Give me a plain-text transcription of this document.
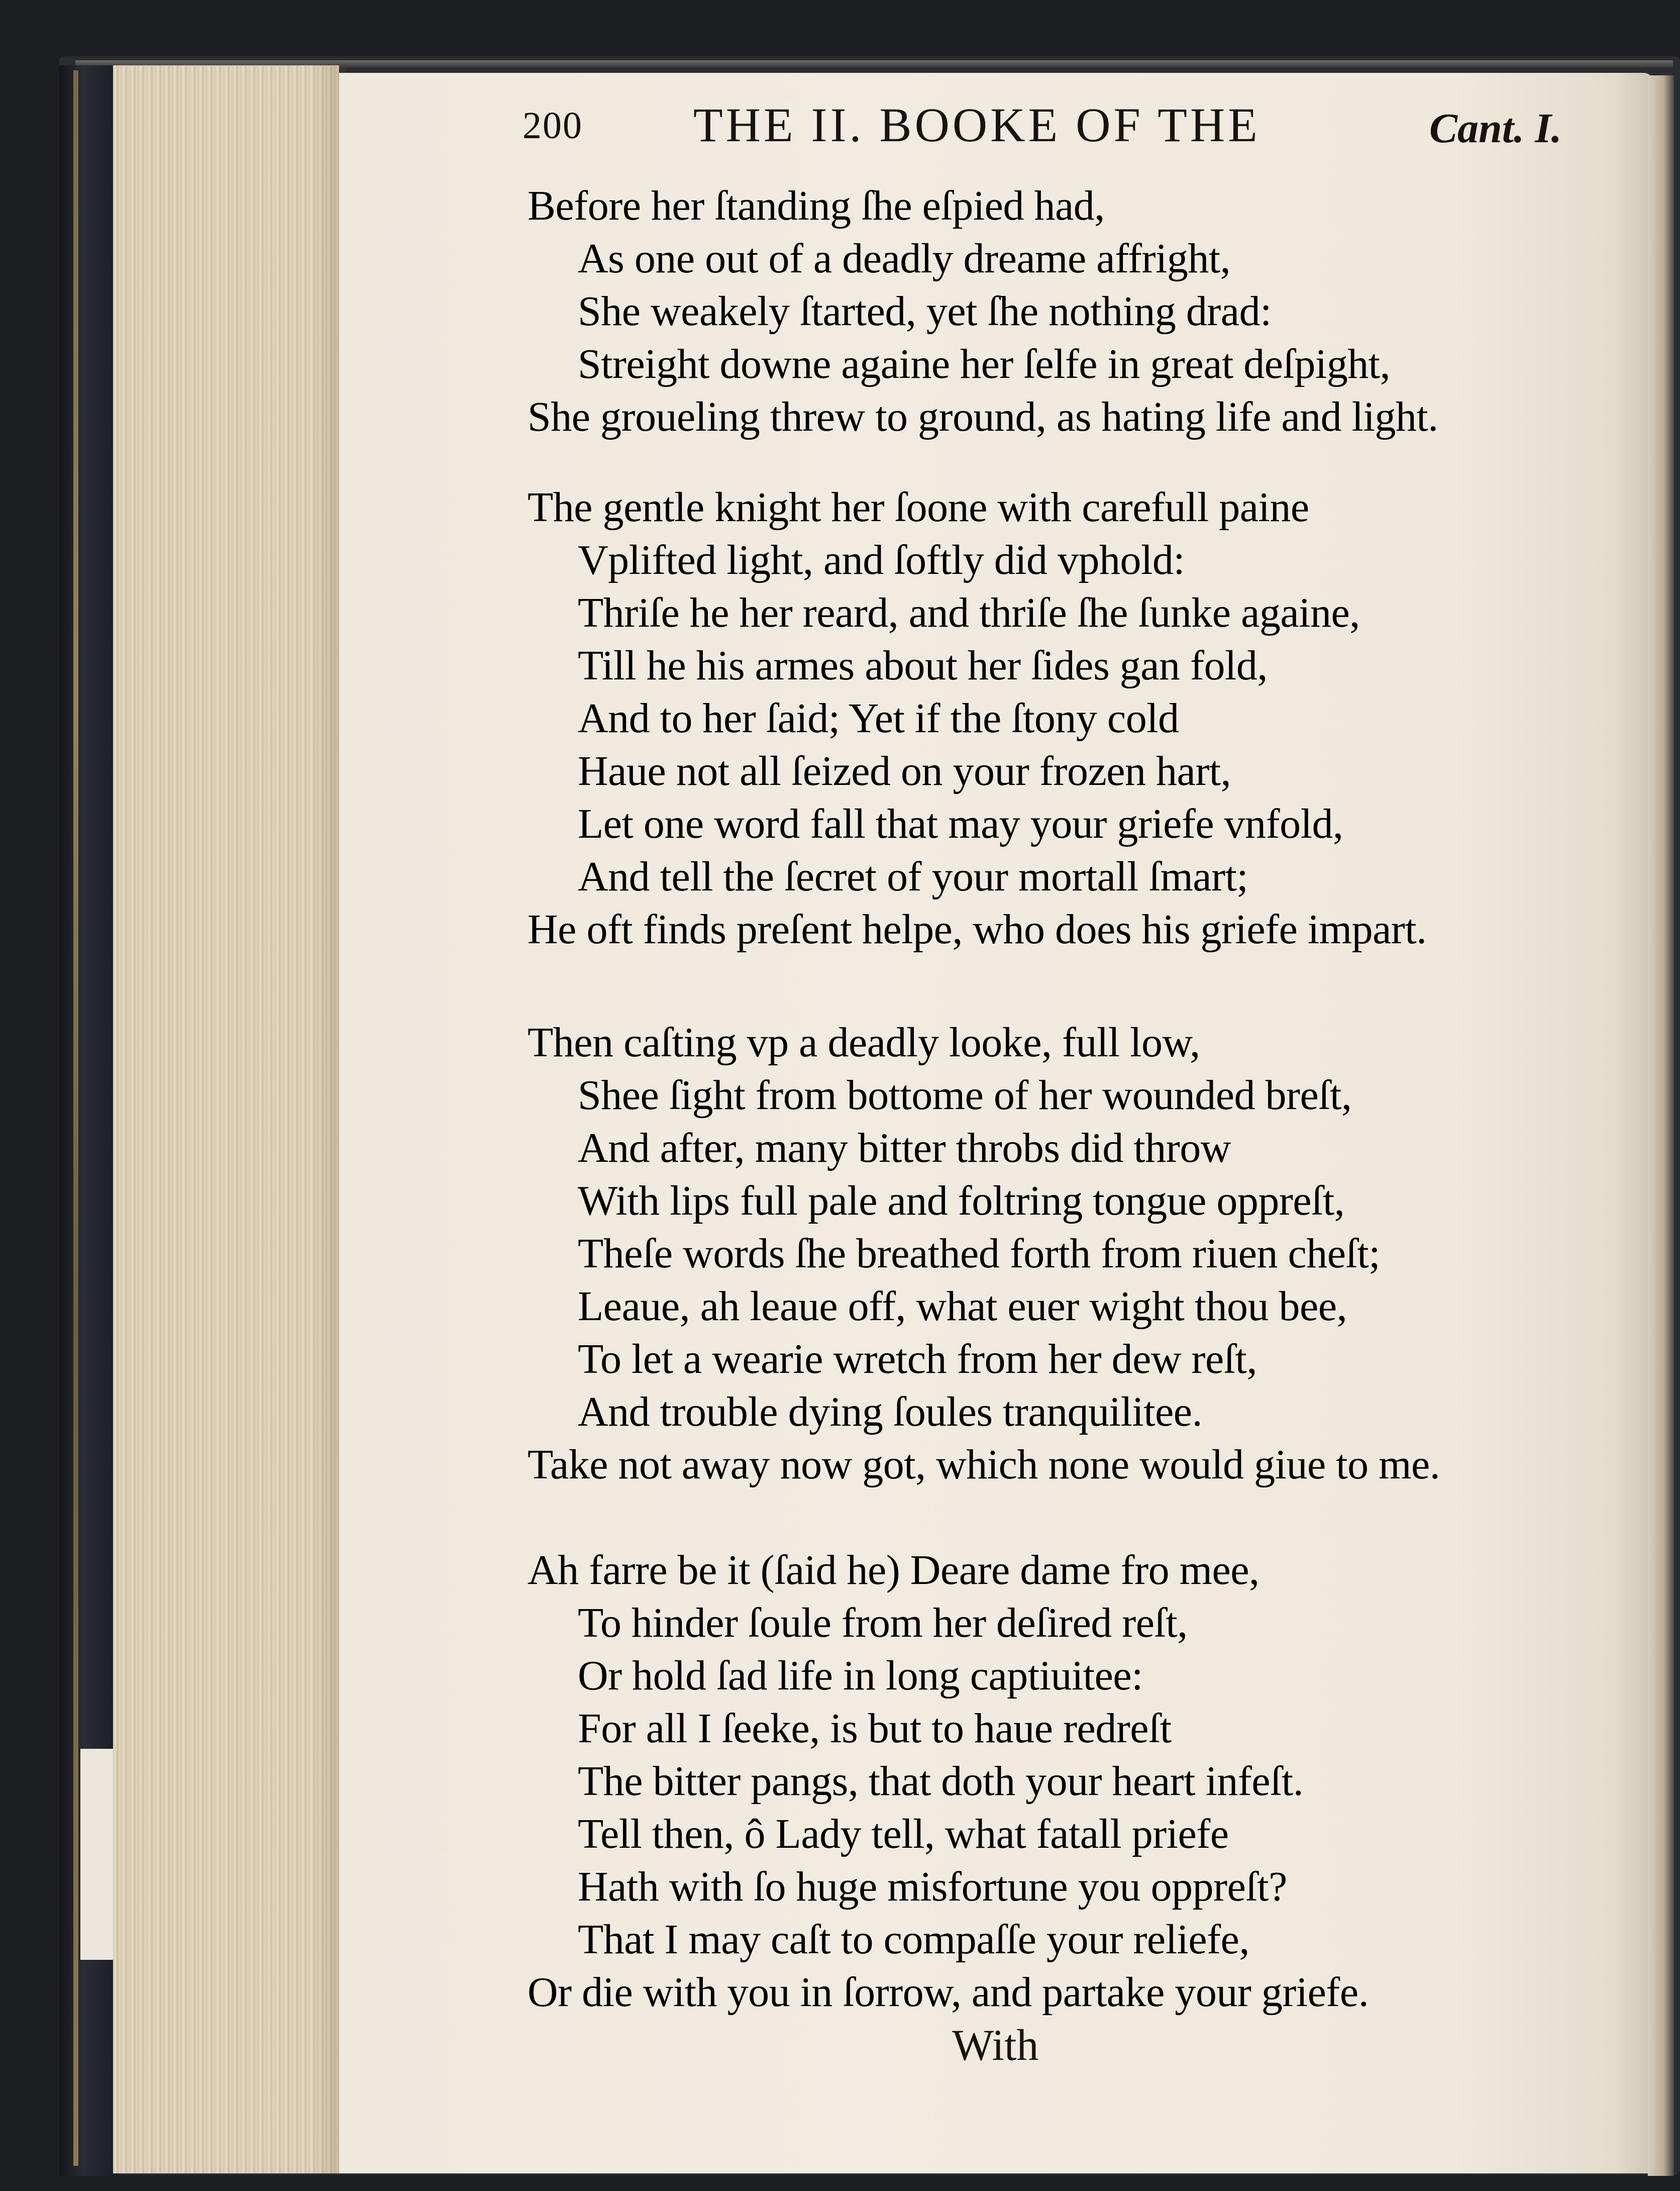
200 THE II. BOOKE OF THE	Cant. I.
Before her ſtanding ſhe eſpied had,
As one out of a deadly dreame affright,
She weakely ſtarted, yet ſhe nothing drad:
Streight downe againe her ſelfe in great deſpight,
She groueling threw to ground, as hating life and light.
The gentle knight her ſoone with carefull paine
Vplifted light, and ſoftly did vphold:
Thriſe he her reard, and thriſe ſhe ſunke againe,
Till he his armes about her ſides gan fold,
And to her ſaid; Yet if the ſtony cold
Haue not all ſeized on your frozen hart,
Let one word fall that may your griefe vnfold,
And tell the ſecret of your mortall ſmart;
He oft finds preſent helpe, who does his griefe impart.
Then caſting vp a deadly looke, full low,
Shee ſight from bottome of her wounded breſt,
And after, many bitter throbs did throw
With lips full pale and foltring tongue oppreſt,
Theſe words ſhe breathed forth from riuen cheſt;
Leaue, ah leaue off, what euer wight thou bee,
To let a wearie wretch from her dew reſt,
And trouble dying ſoules tranquilitee.
Take not away now got, which none would giue to me.
Ah farre be it (ſaid he) Deare dame fro mee,
To hinder ſoule from her deſired reſt,
Or hold ſad life in long captiuitee:
For all I ſeeke, is but to haue redreſt
The bitter pangs, that doth your heart infeſt.
Tell then, ô Lady tell, what fatall priefe
Hath with ſo huge misfortune you oppreſt?
That I may caſt to compaſſe your reliefe,
Or die with you in ſorrow, and partake your griefe.
With
